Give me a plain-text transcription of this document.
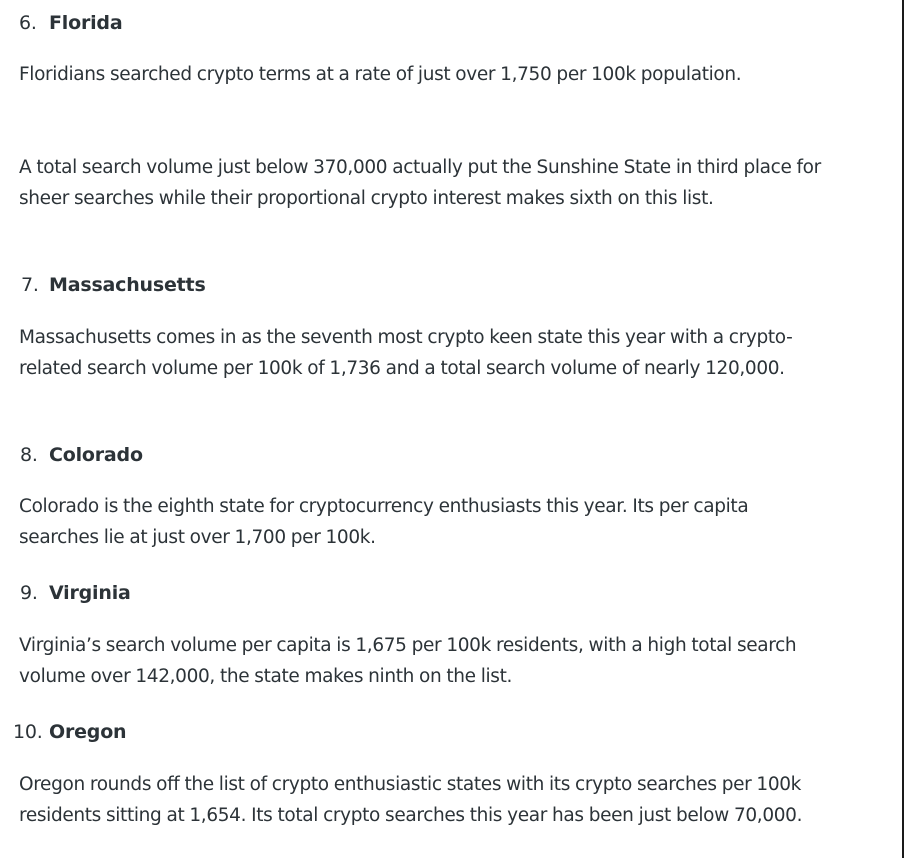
6. Florida

Floridians searched crypto terms at a rate of just over 1,750 per 100k population.

A total search volume just below 370,000 actually put the Sunshine State in third place for sheer searches while their proportional crypto interest makes sixth on this list.

7. Massachusetts

Massachusetts comes in as the seventh most crypto keen state this year with a crypto-related search volume per 100k of 1,736 and a total search volume of nearly 120,000.

8. Colorado

Colorado is the eighth state for cryptocurrency enthusiasts this year. Its per capita searches lie at just over 1,700 per 100k.

9. Virginia

Virginia’s search volume per capita is 1,675 per 100k residents, with a high total search volume over 142,000, the state makes ninth on the list.

10. Oregon

Oregon rounds off the list of crypto enthusiastic states with its crypto searches per 100k residents sitting at 1,654. Its total crypto searches this year has been just below 70,000.
